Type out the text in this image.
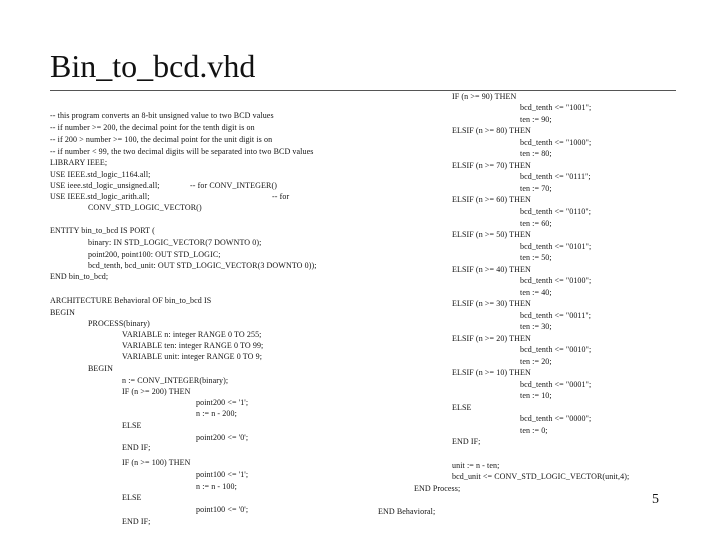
Bin_to_bcd.vhd
-- this program converts an 8-bit unsigned value to two BCD values
-- if number >= 200, the decimal point for the tenth digit is on
-- if 200 > number >= 100, the decimal point for the unit digit is on
-- if number < 99, the two decimal digits will be separated into two BCD values
LIBRARY IEEE;
USE IEEE.std_logic_1164.all;
USE ieee.std_logic_unsigned.all;	-- for CONV_INTEGER()
USE IEEE.std_logic_arith.all;	-- for
CONV_STD_LOGIC_VECTOR()
ENTITY bin_to_bcd IS PORT (
binary: IN STD_LOGIC_VECTOR(7 DOWNTO 0);
point200, point100: OUT STD_LOGIC;
bcd_tenth, bcd_unit: OUT STD_LOGIC_VECTOR(3 DOWNTO 0));
END bin_to_bcd;
ARCHITECTURE Behavioral OF bin_to_bcd IS
BEGIN
PROCESS(binary)
VARIABLE n: integer RANGE 0 TO 255;
VARIABLE ten: integer RANGE 0 TO 99;
VARIABLE unit: integer RANGE 0 TO 9;
BEGIN
n := CONV_INTEGER(binary);
IF (n >= 200) THEN
point200 <= '1';
n := n - 200;
ELSE
point200 <= '0';
END IF;
IF (n >= 100) THEN
point100 <= '1';
n := n - 100;
ELSE
point100 <= '0';
END IF;
IF (n >= 90) THEN
bcd_tenth <= "1001";
ten := 90;
ELSIF (n >= 80) THEN
bcd_tenth <= "1000";
ten := 80;
ELSIF (n >= 70) THEN
bcd_tenth <= "0111";
ten := 70;
ELSIF (n >= 60) THEN
bcd_tenth <= "0110";
ten := 60;
ELSIF (n >= 50) THEN
bcd_tenth <= "0101";
ten := 50;
ELSIF (n >= 40) THEN
bcd_tenth <= "0100";
ten := 40;
ELSIF (n >= 30) THEN
bcd_tenth <= "0011";
ten := 30;
ELSIF (n >= 20) THEN
bcd_tenth <= "0010";
ten := 20;
ELSIF (n >= 10) THEN
bcd_tenth <= "0001";
ten := 10;
ELSE
bcd_tenth <= "0000";
ten := 0;
END IF;
unit := n - ten;
bcd_unit <= CONV_STD_LOGIC_VECTOR(unit,4);
END Process;
END Behavioral;
5
